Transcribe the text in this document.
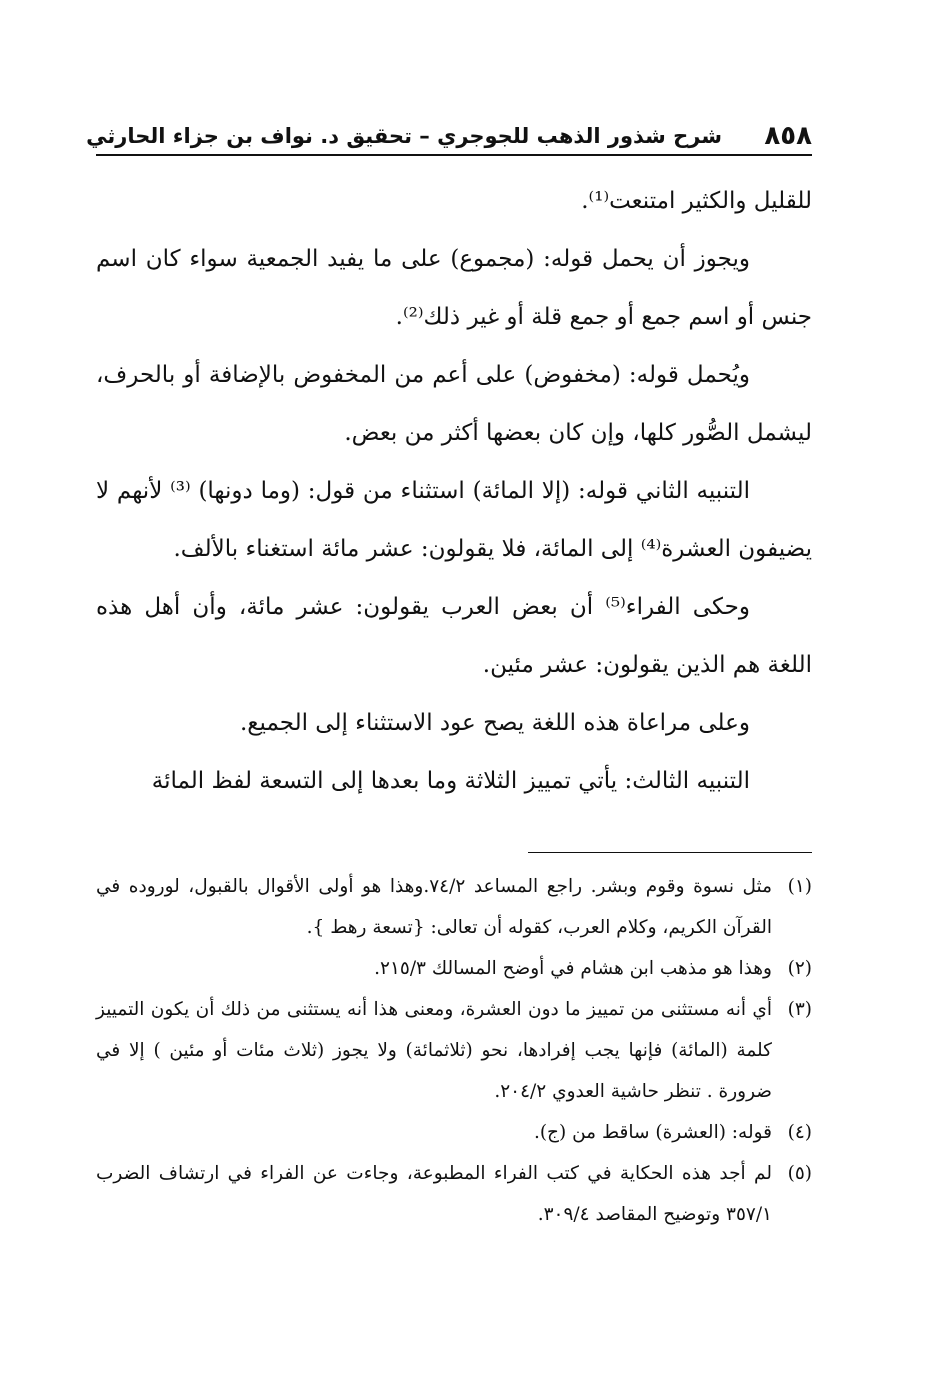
٨٥٨
شرح شذور الذهب للجوجري – تحقيق د. نواف بن جزاء الحارثي

للقليل والكثير امتنعت⁽¹⁾.

ويجوز أن يحمل قوله: (مجموع) على ما يفيد الجمعية سواء كان اسم جنس أو اسم جمع أو جمع قلة أو غير ذلك⁽²⁾.

ويُحمل قوله: (مخفوض) على أعم من المخفوض بالإضافة أو بالحرف، ليشمل الصُّور كلها، وإن كان بعضها أكثر من بعض.

التنبيه الثاني قوله: (إلا المائة) استثناء من قول: (وما دونها) ⁽³⁾ لأنهم لا يضيفون العشرة⁽⁴⁾ إلى المائة، فلا يقولون: عشر مائة استغناء بالألف.

وحكى الفراء⁽⁵⁾ أن بعض العرب يقولون: عشر مائة، وأن أهل هذه اللغة هم الذين يقولون: عشر مئين.

وعلى مراعاة هذه اللغة يصح عود الاستثناء إلى الجميع.

التنبيه الثالث: يأتي تمييز الثلاثة وما بعدها إلى التسعة لفظ المائة

(١)
مثل نسوة وقوم وبشر. راجع المساعد ٧٤/٢.وهذا هو أولى الأقوال بالقبول، لوروده في القرآن الكريم، وكلام العرب، كقوله أن تعالى: {تسعة رهط }.
(٢)
وهذا هو مذهب ابن هشام في أوضح المسالك ٢١٥/٣.
(٣)
أي أنه مستثنى من تمييز ما دون العشرة، ومعنى هذا أنه يستثنى من ذلك أن يكون التمييز كلمة (المائة) فإنها يجب إفرادها، نحو (ثلاثمائة) ولا يجوز (ثلاث مئات أو مئين ) إلا في ضرورة . تنظر حاشية العدوي ٢٠٤/٢.
(٤)
قوله: (العشرة) ساقط من (ج).
(٥)
لم أجد هذه الحكاية في كتب الفراء المطبوعة، وجاءت عن الفراء في ارتشاف الضرب ٣٥٧/١ وتوضيح المقاصد ٣٠٩/٤.
